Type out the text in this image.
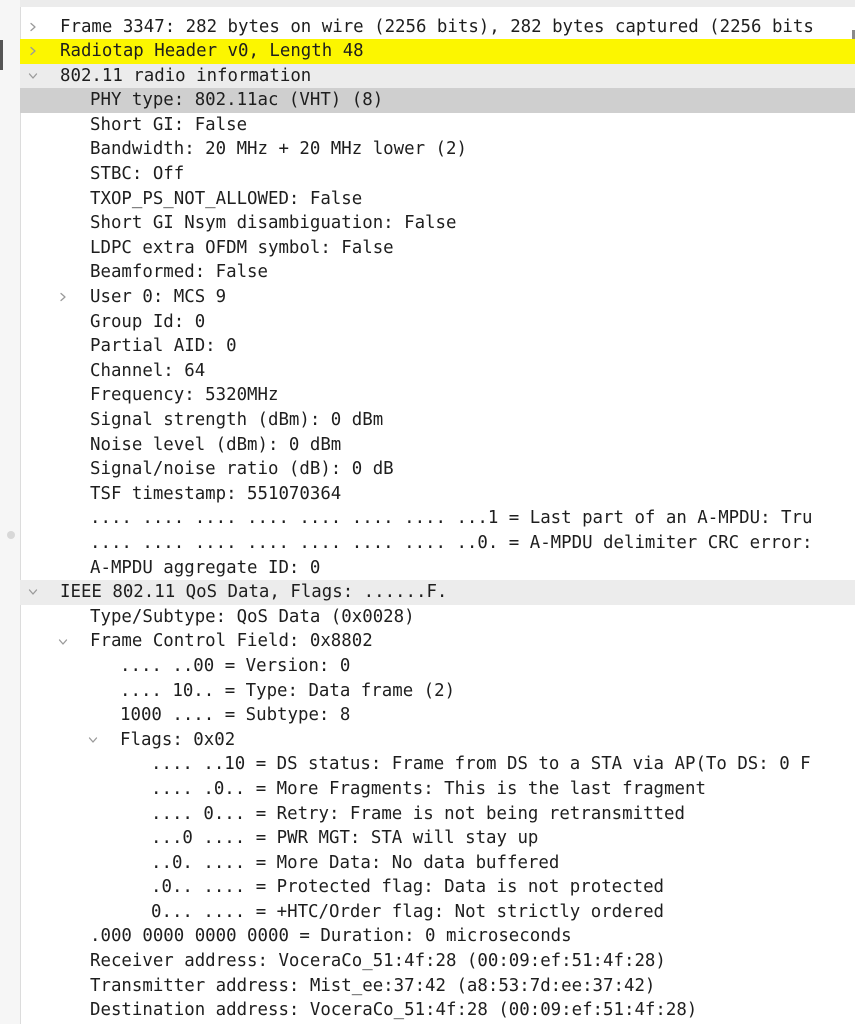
Frame 3347: 282 bytes on wire (2256 bits), 282 bytes captured (2256 bits
Radiotap Header v0, Length 48
802.11 radio information
PHY type: 802.11ac (VHT) (8)
Short GI: False
Bandwidth: 20 MHz + 20 MHz lower (2)
STBC: Off
TXOP_PS_NOT_ALLOWED: False
Short GI Nsym disambiguation: False
LDPC extra OFDM symbol: False
Beamformed: False
User 0: MCS 9
Group Id: 0
Partial AID: 0
Channel: 64
Frequency: 5320MHz
Signal strength (dBm): 0 dBm
Noise level (dBm): 0 dBm
Signal/noise ratio (dB): 0 dB
TSF timestamp: 551070364
.... .... .... .... .... .... .... ...1 = Last part of an A-MPDU: Tru
.... .... .... .... .... .... .... ..0. = A-MPDU delimiter CRC error:
A-MPDU aggregate ID: 0
IEEE 802.11 QoS Data, Flags: ......F.
Type/Subtype: QoS Data (0x0028)
Frame Control Field: 0x8802
.... ..00 = Version: 0
.... 10.. = Type: Data frame (2)
1000 .... = Subtype: 8
Flags: 0x02
.... ..10 = DS status: Frame from DS to a STA via AP(To DS: 0 F
.... .0.. = More Fragments: This is the last fragment
.... 0... = Retry: Frame is not being retransmitted
...0 .... = PWR MGT: STA will stay up
..0. .... = More Data: No data buffered
.0.. .... = Protected flag: Data is not protected
0... .... = +HTC/Order flag: Not strictly ordered
.000 0000 0000 0000 = Duration: 0 microseconds
Receiver address: VoceraCo_51:4f:28 (00:09:ef:51:4f:28)
Transmitter address: Mist_ee:37:42 (a8:53:7d:ee:37:42)
Destination address: VoceraCo_51:4f:28 (00:09:ef:51:4f:28)
